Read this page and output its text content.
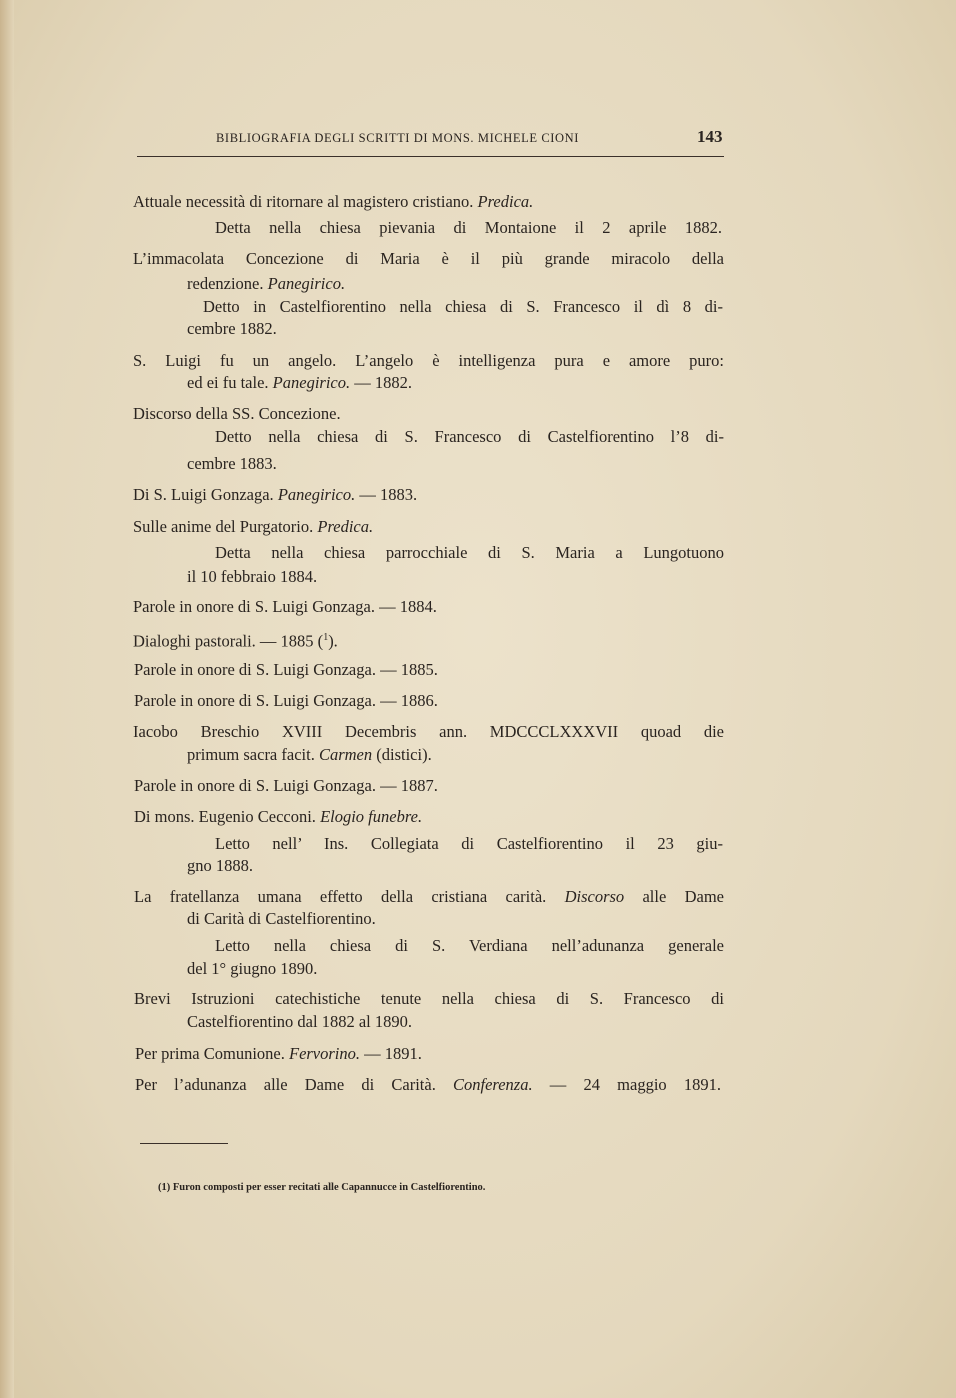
BIBLIOGRAFIA DEGLI SCRITTI DI MONS. MICHELE CIONI	143
Attuale necessità di ritornare al magistero cristiano. Predica.
Detta nella chiesa pievania di Montaione il 2 aprile 1882.
L’immacolata Concezione di Maria è il più grande miracolo della
redenzione. Panegirico.
Detto in Castelfiorentino nella chiesa di S. Francesco il dì 8 di-
cembre 1882.
S. Luigi fu un angelo. L’angelo è intelligenza pura e amore puro:
ed ei fu tale. Panegirico. — 1882.
Discorso della SS. Concezione.
Detto nella chiesa di S. Francesco di Castelfiorentino l’8 di-
cembre 1883.
Di S. Luigi Gonzaga. Panegirico. — 1883.
Sulle anime del Purgatorio. Predica.
Detta nella chiesa parrocchiale di S. Maria a Lungotuono
il 10 febbraio 1884.
Parole in onore di S. Luigi Gonzaga. — 1884.
Dialoghi pastorali. — 1885 ($^1$).
Parole in onore di S. Luigi Gonzaga. — 1885.
Parole in onore di S. Luigi Gonzaga. — 1886.
Iacobo Breschio XVIII Decembris ann. MDCCCLXXXVII quoad die
primum sacra facit. Carmen (distici).
Parole in onore di S. Luigi Gonzaga. — 1887.
Di mons. Eugenio Cecconi. Elogio funebre.
Letto nell’ Ins. Collegiata di Castelfiorentino il 23 giu-
gno 1888.
La fratellanza umana effetto della cristiana carità. Discorso alle Dame
di Carità di Castelfiorentino.
Letto nella chiesa di S. Verdiana nell’adunanza generale
del 1° giugno 1890.
Brevi Istruzioni catechistiche tenute nella chiesa di S. Francesco di
Castelfiorentino dal 1882 al 1890.
Per prima Comunione. Fervorino. — 1891.
Per l’adunanza alle Dame di Carità. Conferenza. — 24 maggio 1891.
(1) Furon composti per esser recitati alle Capannucce in Castelfiorentino.
